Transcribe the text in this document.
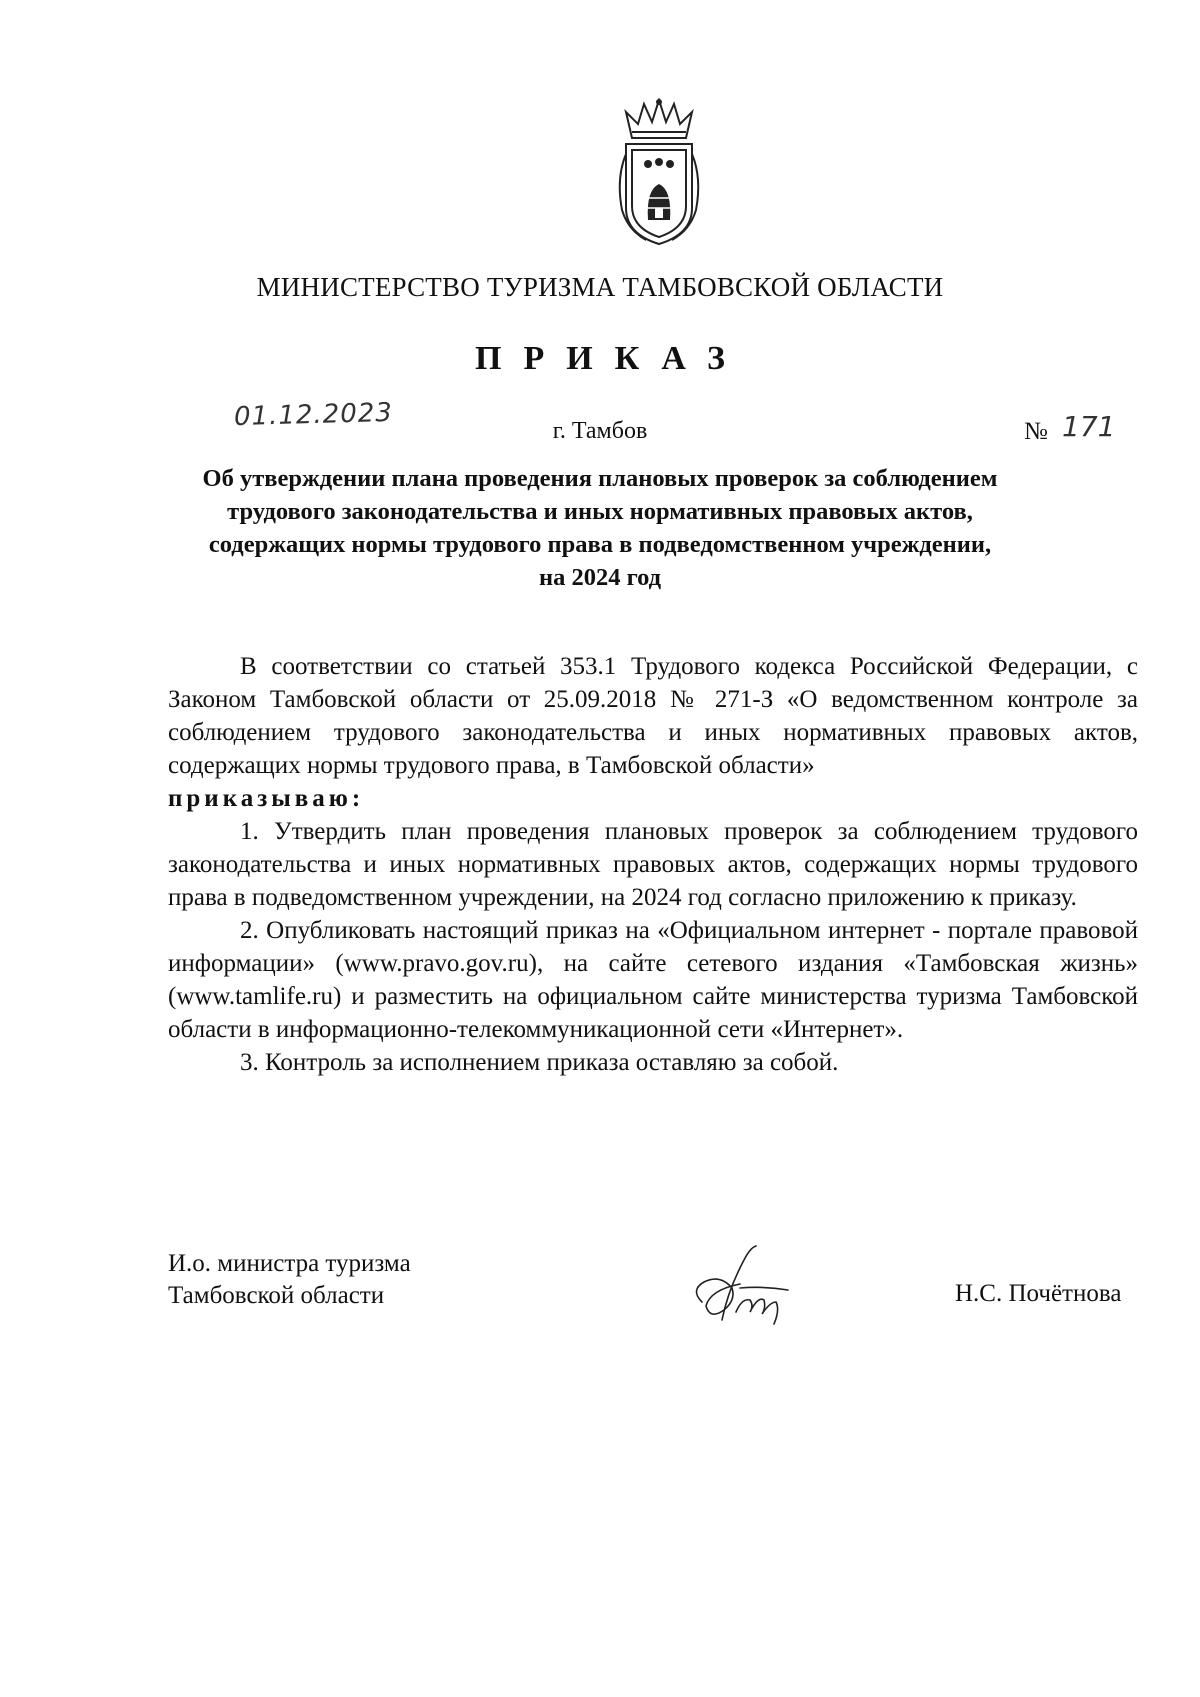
МИНИСТЕРСТВО ТУРИЗМА ТАМБОВСКОЙ ОБЛАСТИ
ПРИКАЗ
01.12.2023	г. Тамбов	№ 171
Об утверждении плана проведения плановых проверок за соблюдением
трудового законодательства и иных нормативных правовых актов,
содержащих нормы трудового права в подведомственном учреждении,
на 2024 год

В соответствии со статьей 353.1 Трудового кодекса Российской Федерации, с Законом Тамбовской области от 25.09.2018 № 271-З «О ведомственном контроле за соблюдением трудового законодательства и иных нормативных правовых актов, содержащих нормы трудового права, в Тамбовской области»

приказываю:

1. Утвердить план проведения плановых проверок за соблюдением трудового законодательства и иных нормативных правовых актов, содержащих нормы трудового права в подведомственном учреждении, на 2024 год согласно приложению к приказу.

2. Опубликовать настоящий приказ на «Официальном интернет - портале правовой информации» (www.pravo.gov.ru), на сайте сетевого издания «Тамбовская жизнь» (www.tamlife.ru) и разместить на официальном сайте министерства туризма Тамбовской области в информационно-телекоммуникационной сети «Интернет».

3. Контроль за исполнением приказа оставляю за собой.

И.о. министра туризма
Тамбовской области	Н.С. Почётнова
